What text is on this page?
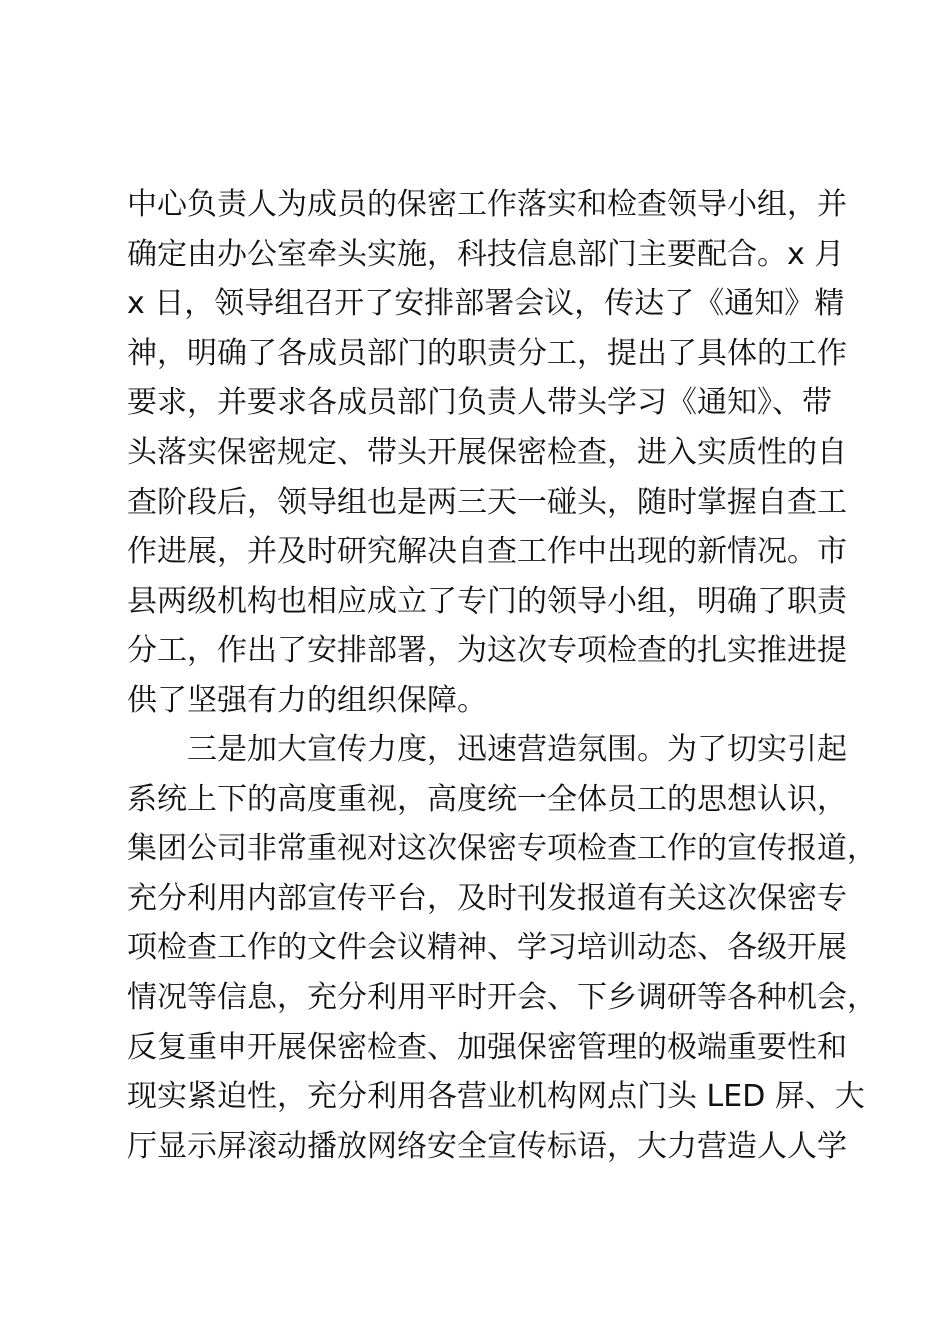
中心负责人为成员的保密工作落实和检查领导小组，并
确定由办公室牵头实施，科技信息部门主要配合。x 月
x 日，领导组召开了安排部署会议，传达了《通知》精
神，明确了各成员部门的职责分工，提出了具体的工作
要求，并要求各成员部门负责人带头学习《通知》、带
头落实保密规定、带头开展保密检查，进入实质性的自
查阶段后，领导组也是两三天一碰头，随时掌握自查工
作进展，并及时研究解决自查工作中出现的新情况。市
县两级机构也相应成立了专门的领导小组，明确了职责
分工，作出了安排部署，为这次专项检查的扎实推进提
供了坚强有力的组织保障。
三是加大宣传力度，迅速营造氛围。为了切实引起
系统上下的高度重视，高度统一全体员工的思想认识，
集团公司非常重视对这次保密专项检查工作的宣传报道，
充分利用内部宣传平台，及时刊发报道有关这次保密专
项检查工作的文件会议精神、学习培训动态、各级开展
情况等信息，充分利用平时开会、下乡调研等各种机会，
反复重申开展保密检查、加强保密管理的极端重要性和
现实紧迫性，充分利用各营业机构网点门头 LED 屏、大
厅显示屏滚动播放网络安全宣传标语，大力营造人人学
